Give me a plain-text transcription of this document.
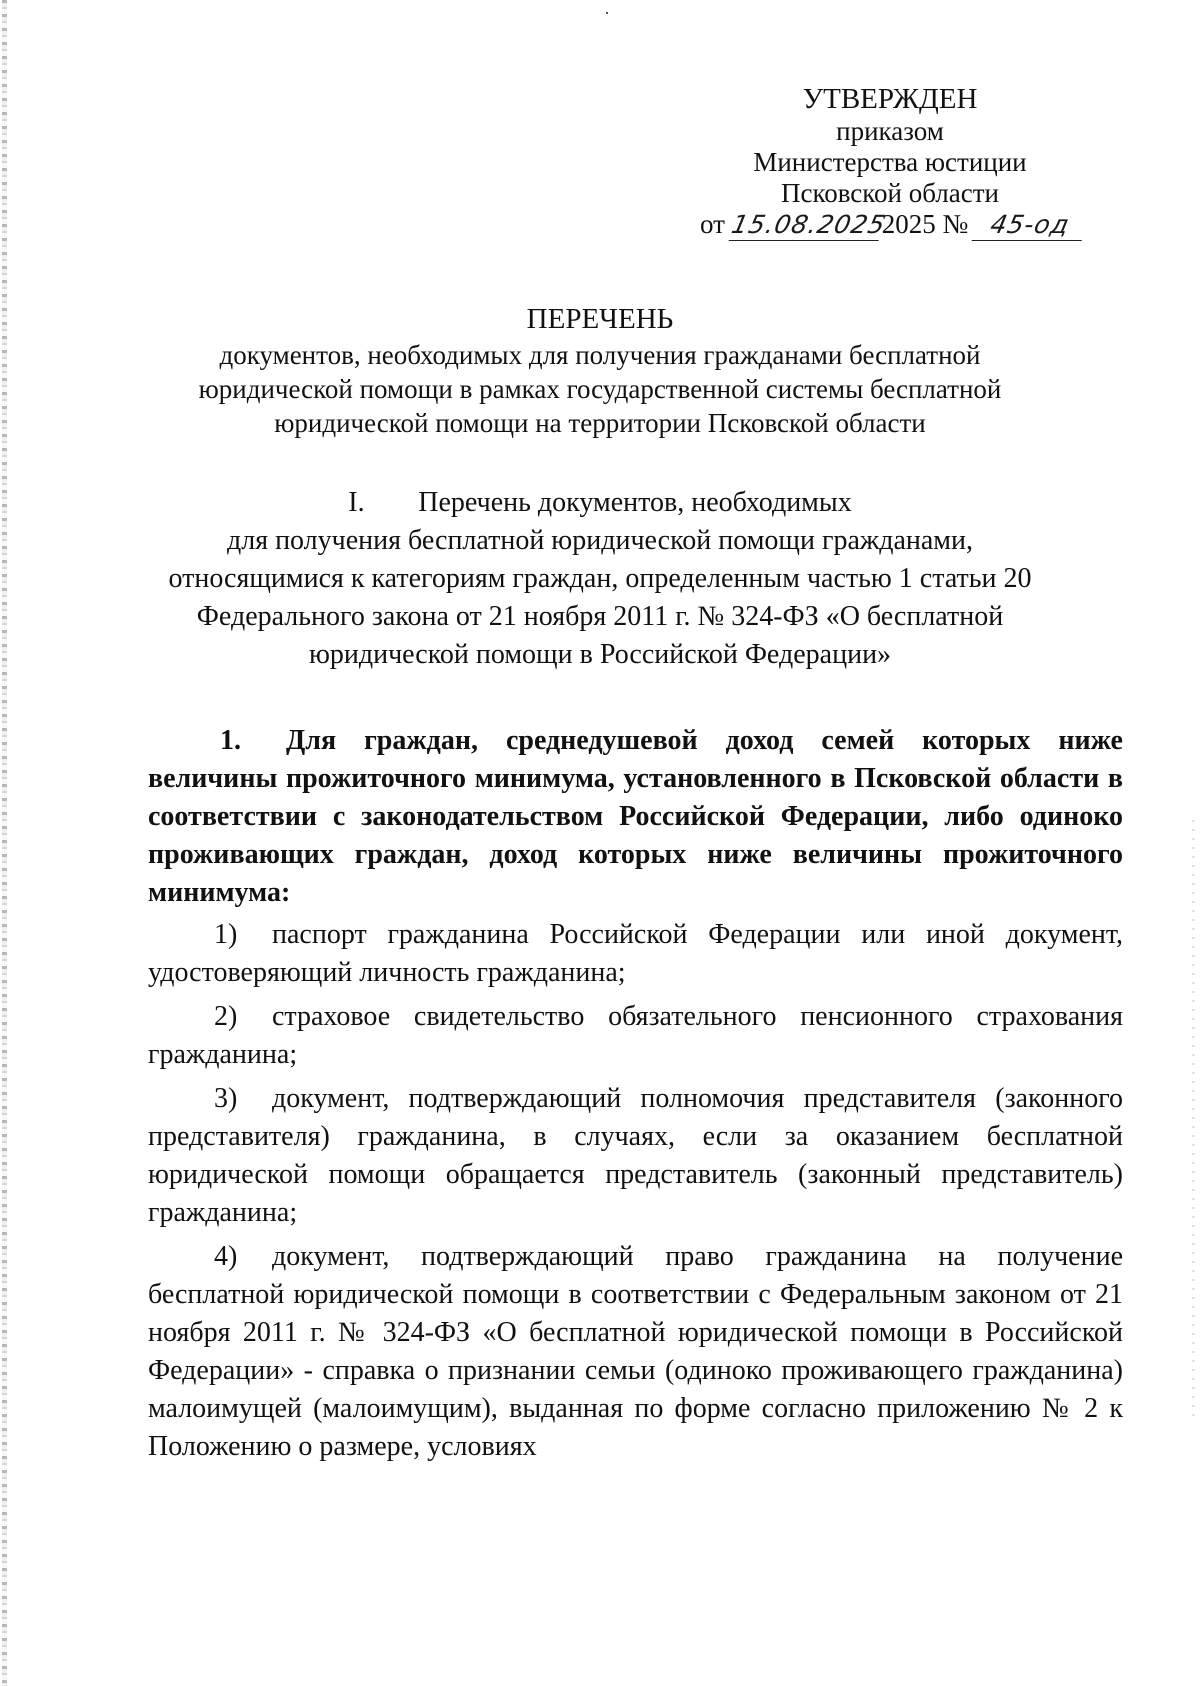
УТВЕРЖДЕН
приказом
Министерства юстиции
Псковской области
от 15.08.20252025 № 45-од
ПЕРЕЧЕНЬ
документов, необходимых для получения гражданами бесплатной
юридической помощи в рамках государственной системы бесплатной
юридической помощи на территории Псковской области
I. Перечень документов, необходимых
для получения бесплатной юридической помощи гражданами,
относящимися к категориям граждан, определенным частью 1 статьи 20
Федерального закона от 21 ноября 2011 г. № 324-ФЗ «О бесплатной
юридической помощи в Российской Федерации»

1. Для граждан, среднедушевой доход семей которых ниже величины прожиточного минимума, установленного в Псковской области в соответствии с законодательством Российской Федерации, либо одиноко проживающих граждан, доход которых ниже величины прожиточного минимума:

1) паспорт гражданина Российской Федерации или иной документ, удостоверяющий личность гражданина;

2) страховое свидетельство обязательного пенсионного страхования гражданина;

3) документ, подтверждающий полномочия представителя (законного представителя) гражданина, в случаях, если за оказанием бесплатной юридической помощи обращается представитель (законный представитель) гражданина;

4) документ, подтверждающий право гражданина на получение бесплатной юридической помощи в соответствии с Федеральным законом от 21 ноября 2011 г. № 324-ФЗ «О бесплатной юридической помощи в Российской Федерации» - справка о признании семьи (одиноко проживающего гражданина) малоимущей (малоимущим), выданная по форме согласно приложению № 2 к Положению о размере, условиях
